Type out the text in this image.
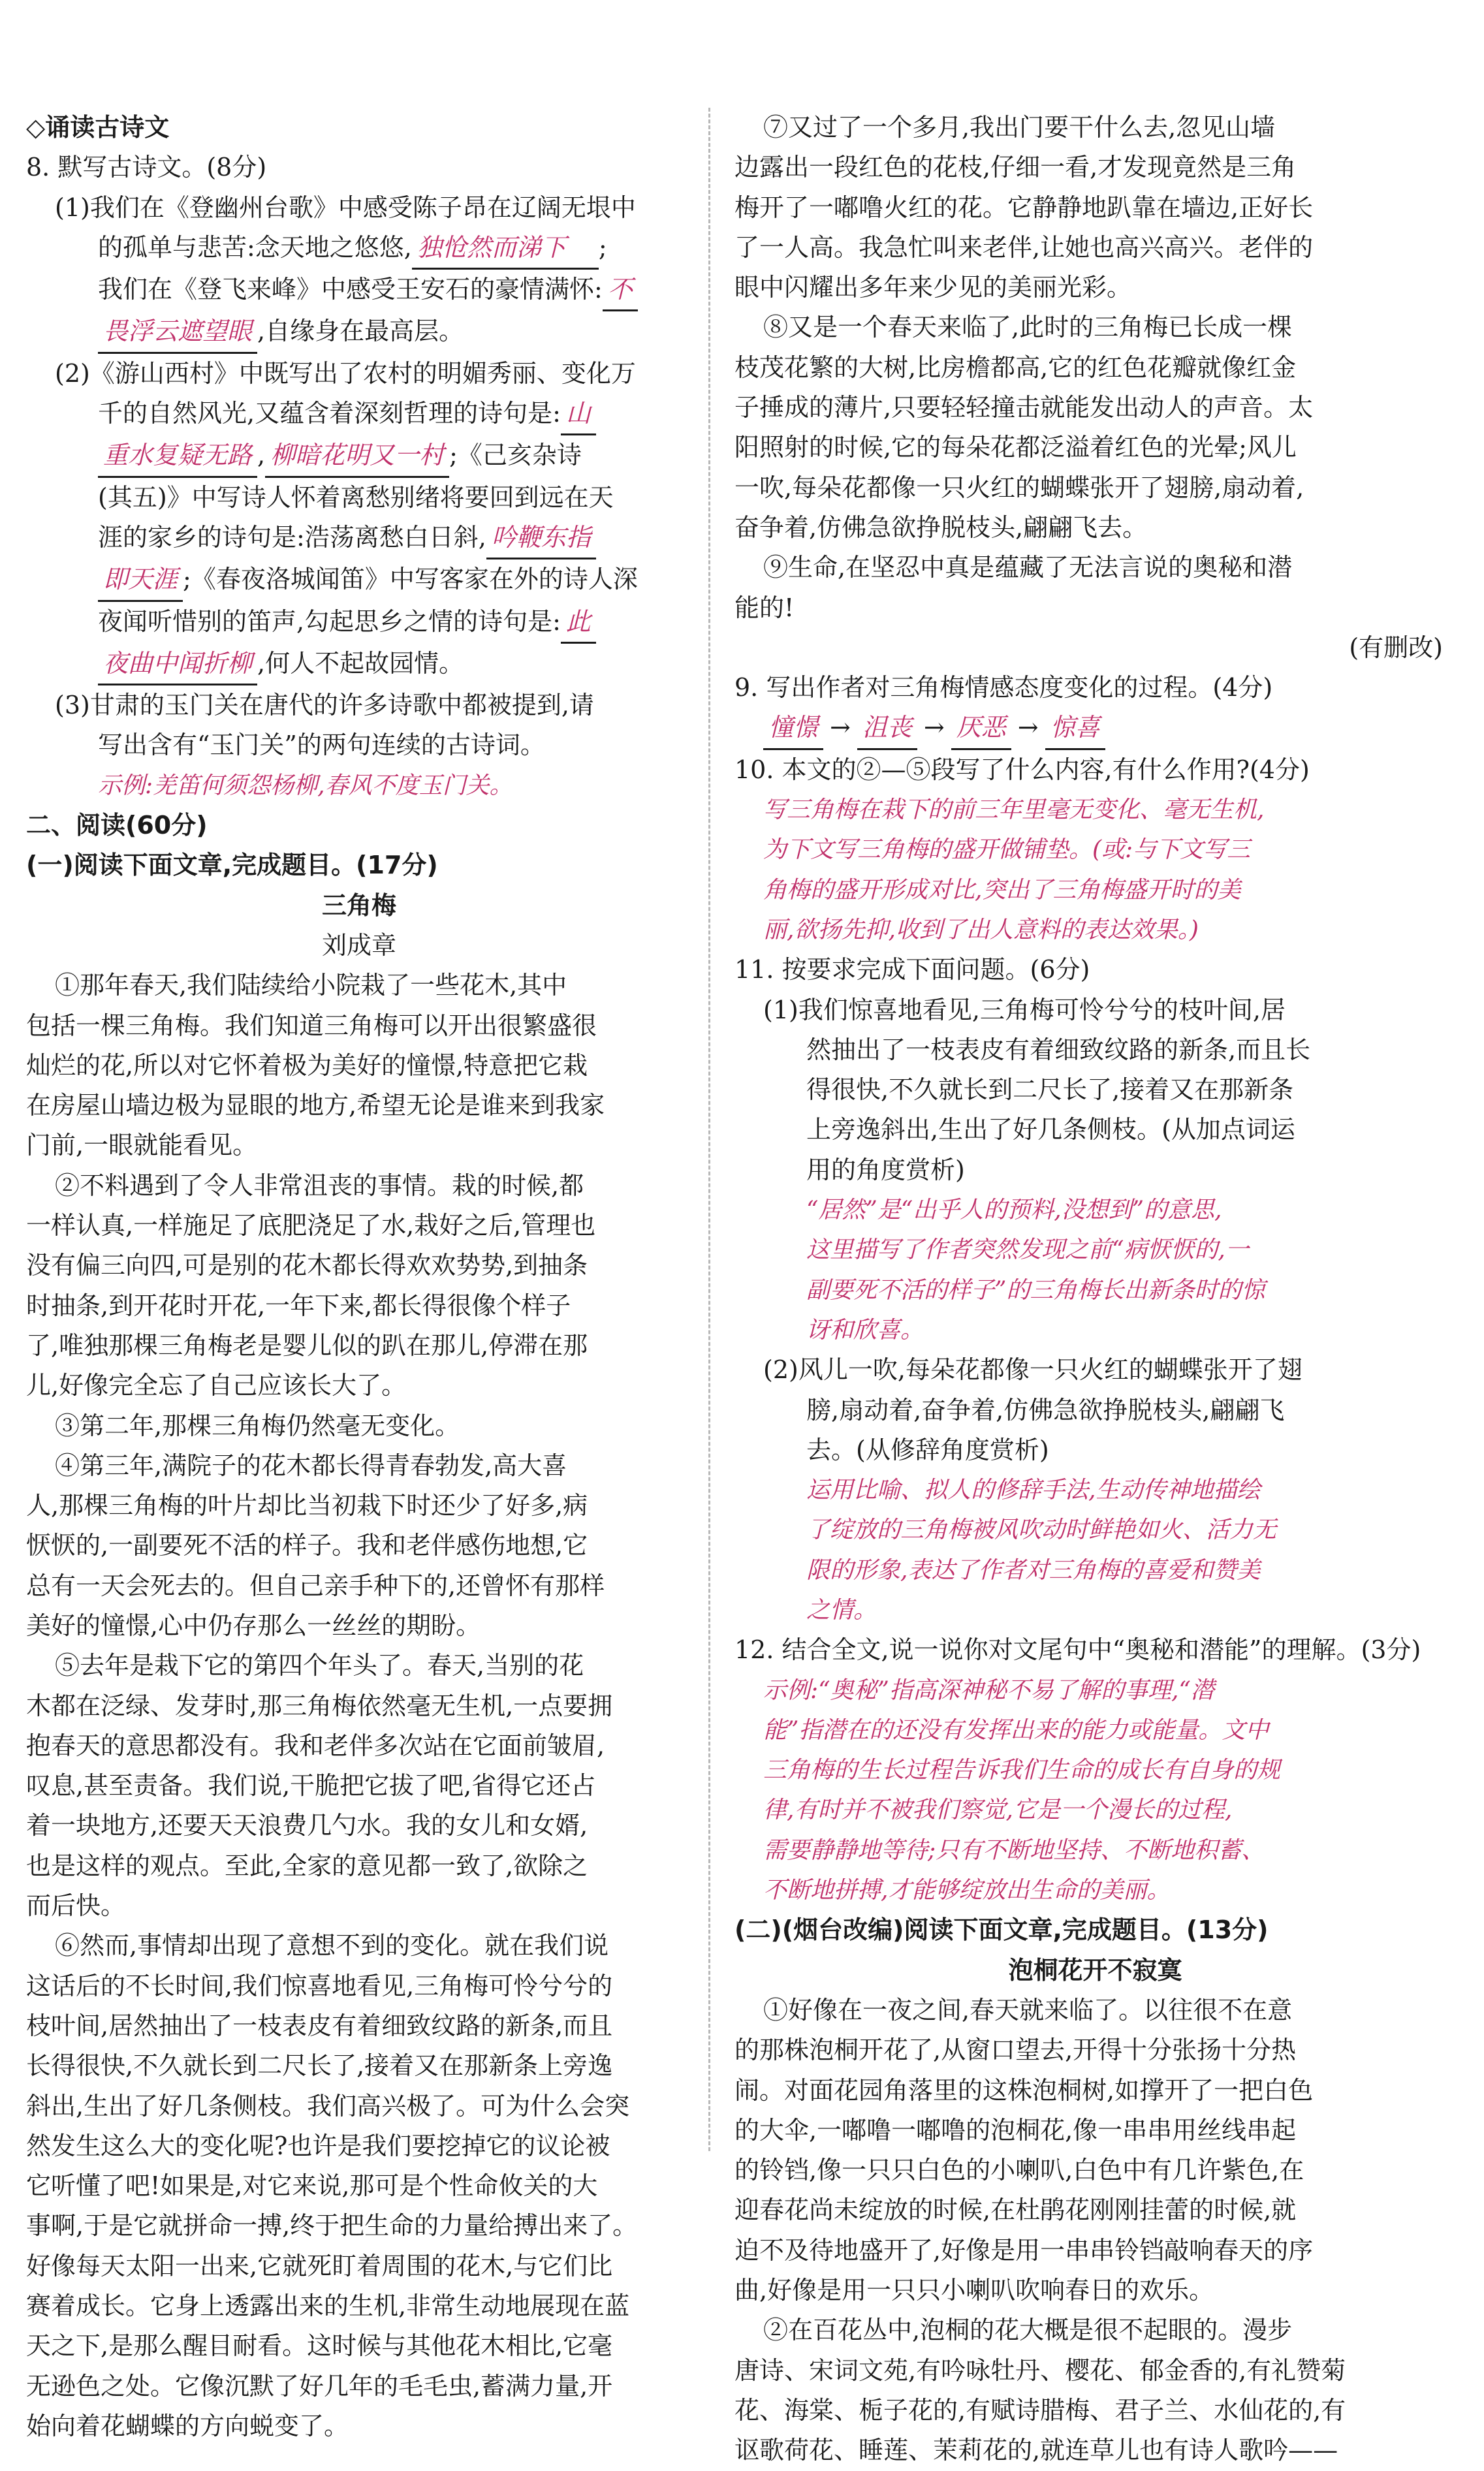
◇诵读古诗文
8. 默写古诗文。(8分)
(1)我们在《登幽州台歌》中感受陈子昂在辽阔无垠中
的孤单与悲苦:念天地之悠悠, 独怆然而涕下 ;
我们在《登飞来峰》中感受王安石的豪情满怀: 不
畏浮云遮望眼 ,自缘身在最高层。
(2)《游山西村》中既写出了农村的明媚秀丽、变化万
千的自然风光,又蕴含着深刻哲理的诗句是: 山
重水复疑无路 , 柳暗花明又一村 ;《己亥杂诗
(其五)》中写诗人怀着离愁别绪将要回到远在天
涯的家乡的诗句是:浩荡离愁白日斜, 吟鞭东指
即天涯 ;《春夜洛城闻笛》中写客家在外的诗人深
夜闻听惜别的笛声,勾起思乡之情的诗句是: 此
夜曲中闻折柳 ,何人不起故园情。
(3)甘肃的玉门关在唐代的许多诗歌中都被提到,请
写出含有“玉门关”的两句连续的古诗词。
示例:羌笛何须怨杨柳,春风不度玉门关。
二、阅读(60分)
(一)阅读下面文章,完成题目。(17分)
三角梅
刘成章
①那年春天,我们陆续给小院栽了一些花木,其中
包括一棵三角梅。我们知道三角梅可以开出很繁盛很
灿烂的花,所以对它怀着极为美好的憧憬,特意把它栽
在房屋山墙边极为显眼的地方,希望无论是谁来到我家
门前,一眼就能看见。
②不料遇到了令人非常沮丧的事情。栽的时候,都
一样认真,一样施足了底肥浇足了水,栽好之后,管理也
没有偏三向四,可是别的花木都长得欢欢势势,到抽条
时抽条,到开花时开花,一年下来,都长得很像个样子
了,唯独那棵三角梅老是婴儿似的趴在那儿,停滞在那
儿,好像完全忘了自己应该长大了。
③第二年,那棵三角梅仍然毫无变化。
④第三年,满院子的花木都长得青春勃发,高大喜
人,那棵三角梅的叶片却比当初栽下时还少了好多,病
恹恹的,一副要死不活的样子。我和老伴感伤地想,它
总有一天会死去的。但自己亲手种下的,还曾怀有那样
美好的憧憬,心中仍存那么一丝丝的期盼。
⑤去年是栽下它的第四个年头了。春天,当别的花
木都在泛绿、发芽时,那三角梅依然毫无生机,一点要拥
抱春天的意思都没有。我和老伴多次站在它面前皱眉,
叹息,甚至责备。我们说,干脆把它拔了吧,省得它还占
着一块地方,还要天天浪费几勺水。我的女儿和女婿,
也是这样的观点。至此,全家的意见都一致了,欲除之
而后快。
⑥然而,事情却出现了意想不到的变化。就在我们说
这话后的不长时间,我们惊喜地看见,三角梅可怜兮兮的
枝叶间,居然抽出了一枝表皮有着细致纹路的新条,而且
长得很快,不久就长到二尺长了,接着又在那新条上旁逸
斜出,生出了好几条侧枝。我们高兴极了。可为什么会突
然发生这么大的变化呢?也许是我们要挖掉它的议论被
它听懂了吧!如果是,对它来说,那可是个性命攸关的大
事啊,于是它就拼命一搏,终于把生命的力量给搏出来了。
好像每天太阳一出来,它就死盯着周围的花木,与它们比
赛着成长。它身上透露出来的生机,非常生动地展现在蓝
天之下,是那么醒目耐看。这时候与其他花木相比,它毫
无逊色之处。它像沉默了好几年的毛毛虫,蓄满力量,开
始向着花蝴蝶的方向蜕变了。
⑦又过了一个多月,我出门要干什么去,忽见山墙
边露出一段红色的花枝,仔细一看,才发现竟然是三角
梅开了一嘟噜火红的花。它静静地趴靠在墙边,正好长
了一人高。我急忙叫来老伴,让她也高兴高兴。老伴的
眼中闪耀出多年来少见的美丽光彩。
⑧又是一个春天来临了,此时的三角梅已长成一棵
枝茂花繁的大树,比房檐都高,它的红色花瓣就像红金
子捶成的薄片,只要轻轻撞击就能发出动人的声音。太
阳照射的时候,它的每朵花都泛溢着红色的光晕;风儿
一吹,每朵花都像一只火红的蝴蝶张开了翅膀,扇动着,
奋争着,仿佛急欲挣脱枝头,翩翩飞去。
⑨生命,在坚忍中真是蕴藏了无法言说的奥秘和潜
能的!
(有删改)
9. 写出作者对三角梅情感态度变化的过程。(4分)
憧憬 → 沮丧 → 厌恶 → 惊喜
10. 本文的②—⑤段写了什么内容,有什么作用?(4分)
写三角梅在栽下的前三年里毫无变化、毫无生机,
为下文写三角梅的盛开做铺垫。(或:与下文写三
角梅的盛开形成对比,突出了三角梅盛开时的美
丽,欲扬先抑,收到了出人意料的表达效果。)
11. 按要求完成下面问题。(6分)
(1)我们惊喜地看见,三角梅可怜兮兮的枝叶间,居
然抽出了一枝表皮有着细致纹路的新条,而且长
得很快,不久就长到二尺长了,接着又在那新条
上旁逸斜出,生出了好几条侧枝。(从加点词运
用的角度赏析)
“居然”是“出乎人的预料,没想到”的意思,
这里描写了作者突然发现之前“病恹恹的,一
副要死不活的样子”的三角梅长出新条时的惊
讶和欣喜。
(2)风儿一吹,每朵花都像一只火红的蝴蝶张开了翅
膀,扇动着,奋争着,仿佛急欲挣脱枝头,翩翩飞
去。(从修辞角度赏析)
运用比喻、拟人的修辞手法,生动传神地描绘
了绽放的三角梅被风吹动时鲜艳如火、活力无
限的形象,表达了作者对三角梅的喜爱和赞美
之情。
12. 结合全文,说一说你对文尾句中“奥秘和潜能”的理解。(3分)
示例:“奥秘”指高深神秘不易了解的事理,“潜
能”指潜在的还没有发挥出来的能力或能量。文中
三角梅的生长过程告诉我们生命的成长有自身的规
律,有时并不被我们察觉,它是一个漫长的过程,
需要静静地等待;只有不断地坚持、不断地积蓄、
不断地拼搏,才能够绽放出生命的美丽。
(二)(烟台改编)阅读下面文章,完成题目。(13分)
泡桐花开不寂寞
①好像在一夜之间,春天就来临了。以往很不在意
的那株泡桐开花了,从窗口望去,开得十分张扬十分热
闹。对面花园角落里的这株泡桐树,如撑开了一把白色
的大伞,一嘟噜一嘟噜的泡桐花,像一串串用丝线串起
的铃铛,像一只只白色的小喇叭,白色中有几许紫色,在
迎春花尚未绽放的时候,在杜鹃花刚刚挂蕾的时候,就
迫不及待地盛开了,好像是用一串串铃铛敲响春天的序
曲,好像是用一只只小喇叭吹响春日的欢乐。
②在百花丛中,泡桐的花大概是很不起眼的。漫步
唐诗、宋词文苑,有吟咏牡丹、樱花、郁金香的,有礼赞菊
花、海棠、栀子花的,有赋诗腊梅、君子兰、水仙花的,有
讴歌荷花、睡莲、茉莉花的,就连草儿也有诗人歌吟——
